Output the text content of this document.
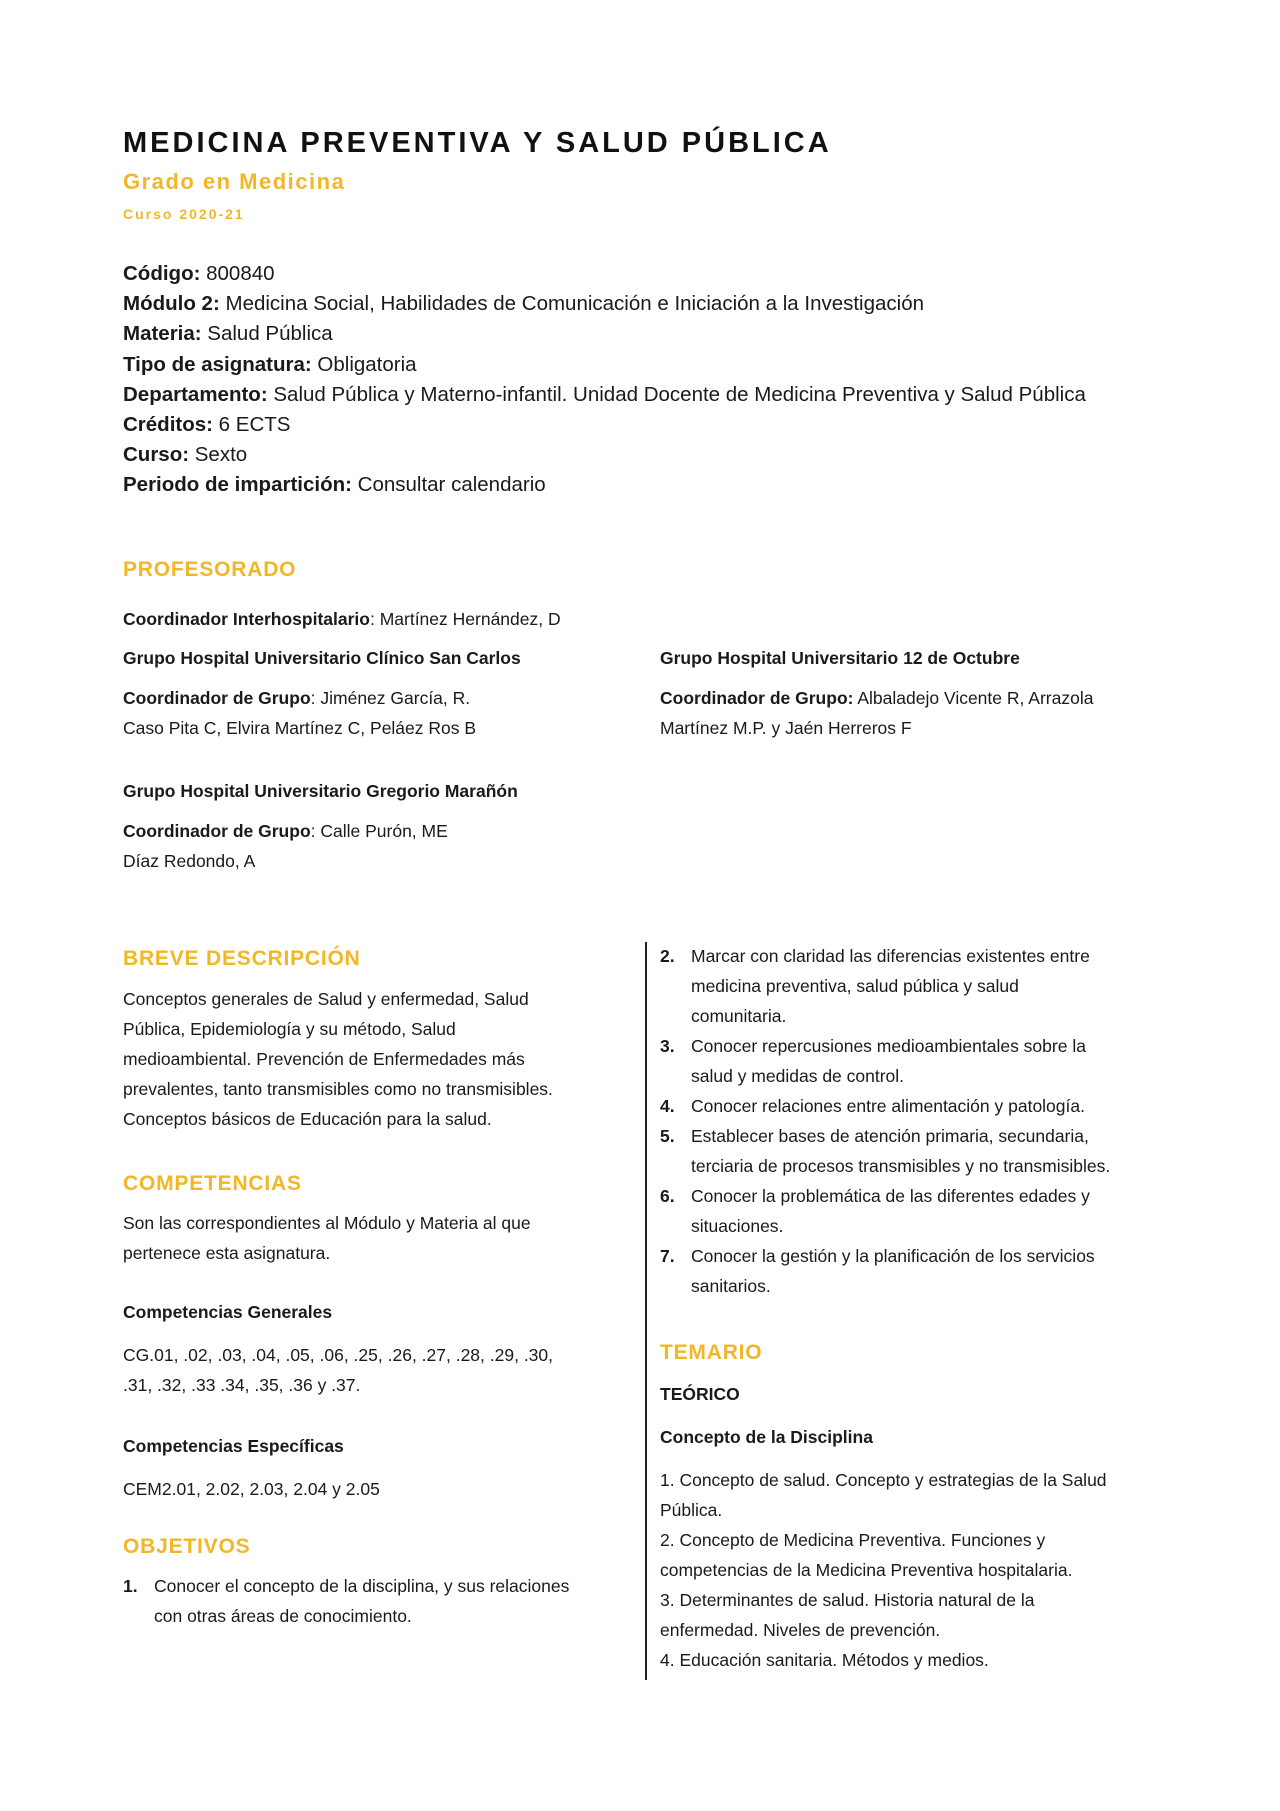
MEDICINA PREVENTIVA Y SALUD PÚBLICA
Grado en Medicina
Curso 2020-21
Código: 800840
Módulo 2: Medicina Social, Habilidades de Comunicación e Iniciación a la Investigación
Materia: Salud Pública
Tipo de asignatura: Obligatoria
Departamento: Salud Pública y Materno-infantil. Unidad Docente de Medicina Preventiva y Salud Pública
Créditos: 6 ECTS
Curso: Sexto
Periodo de impartición: Consultar calendario
PROFESORADO
Coordinador Interhospitalario: Martínez Hernández, D
Grupo Hospital Universitario Clínico San Carlos
Coordinador de Grupo: Jiménez García, R.
Caso Pita C, Elvira Martínez C, Peláez Ros B
Grupo Hospital Universitario 12 de Octubre
Coordinador de Grupo: Albaladejo Vicente R, Arrazola
Martínez M.P. y Jaén Herreros F
Grupo Hospital Universitario Gregorio Marañón
Coordinador de Grupo: Calle Purón, ME
Díaz Redondo, A
BREVE DESCRIPCIÓN

Conceptos generales de Salud y enfermedad, Salud

Pública, Epidemiología y su método, Salud

medioambiental. Prevención de Enfermedades más

prevalentes, tanto transmisibles como no transmisibles.

Conceptos básicos de Educación para la salud.

COMPETENCIAS

Son las correspondientes al Módulo y Materia al que

pertenece esta asignatura.

Competencias Generales

CG.01, .02, .03, .04, .05, .06, .25, .26, .27, .28, .29, .30,

.31, .32, .33 .34, .35, .36 y .37.

Competencias Específicas
CEM2.01, 2.02, 2.03, 2.04 y 2.05
OBJETIVOS
1. Conocer el concepto de la disciplina, y sus relaciones

con otras áreas de conocimiento.

2. Marcar con claridad las diferencias existentes entre

medicina preventiva, salud pública y salud

comunitaria.

3. Conocer repercusiones medioambientales sobre la

salud y medidas de control.

4. Conocer relaciones entre alimentación y patología.

5. Establecer bases de atención primaria, secundaria,

terciaria de procesos transmisibles y no transmisibles.

6. Conocer la problemática de las diferentes edades y

situaciones.

7. Conocer la gestión y la planificación de los servicios

sanitarios.

TEMARIO
TEÓRICO
Concepto de la Disciplina

1. Concepto de salud. Concepto y estrategias de la Salud

Pública.

2. Concepto de Medicina Preventiva. Funciones y

competencias de la Medicina Preventiva hospitalaria.

3. Determinantes de salud. Historia natural de la

enfermedad. Niveles de prevención.

4. Educación sanitaria. Métodos y medios.
